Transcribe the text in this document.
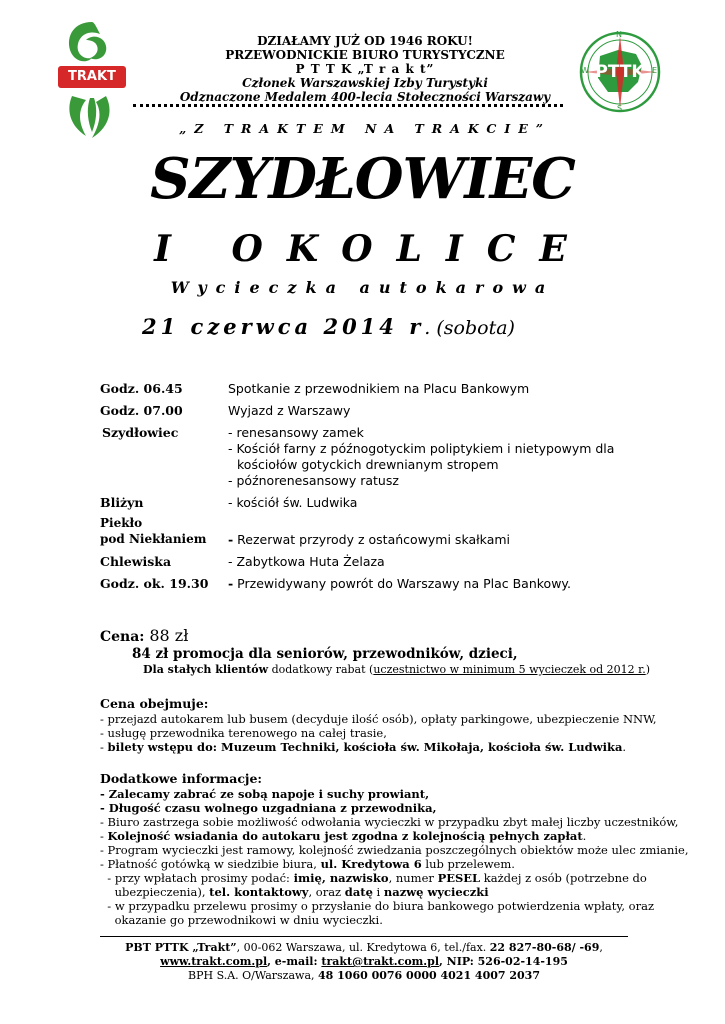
TRAKT	PTTK
N
E
S
W
DZIAŁAMY JUŻ OD 1946 ROKU!
PRZEWODNICKIE BIURO TURYSTYCZNE
P T T K „T r a k t”
Członek Warszawskiej Izby Turystyki
Odznaczone Medalem 400-lecia Stołeczności Warszawy
„Z TRAKTEM NA TRAKCIE”
SZYDŁOWIEC
I OKOLICE
Wycieczka autokarowa
21 czerwca 2014 r. (sobota)
Godz. 06.45	Spotkanie z przewodnikiem na Placu Bankowym
Godz. 07.00	Wyjazd z Warszawy
Szydłowiec	- renesansowy zamek
- Kościół farny z późnogotyckim poliptykiem i nietypowym dla
kościołów gotyckich drewnianym stropem
- późnorenesansowy ratusz
Bliżyn	- kościół św. Ludwika
Piekło
pod Niekłaniem - Rezerwat przyrody z ostańcowymi skałkami
Chlewiska	- Zabytkowa Huta Żelaza
Godz. ok. 19.30 - Przewidywany powrót do Warszawy na Plac Bankowy.
Cena: 88 zł
84 zł promocja dla seniorów, przewodników, dzieci,
Dla stałych klientów dodatkowy rabat (uczestnictwo w minimum 5 wycieczek od 2012 r.)
Cena obejmuje:
- przejazd autokarem lub busem (decyduje ilość osób), opłaty parkingowe, ubezpieczenie NNW,
- usługę przewodnika terenowego na całej trasie,
- bilety wstępu do: Muzeum Techniki, kościoła św. Mikołaja, kościoła św. Ludwika.
Dodatkowe informacje:
- Zalecamy zabrać ze sobą napoje i suchy prowiant,
- Długość czasu wolnego uzgadniana z przewodnika,
- Biuro zastrzega sobie możliwość odwołania wycieczki w przypadku zbyt małej liczby uczestników,
- Kolejność wsiadania do autokaru jest zgodna z kolejnością pełnych zapłat.
- Program wycieczki jest ramowy, kolejność zwiedzania poszczególnych obiektów może ulec zmianie,
- Płatność gotówką w siedzibie biura, ul. Kredytowa 6 lub przelewem.
- przy wpłatach prosimy podać: imię, nazwisko, numer PESEL każdej z osób (potrzebne do
ubezpieczenia), tel. kontaktowy, oraz datę i nazwę wycieczki
- w przypadku przelewu prosimy o przysłanie do biura bankowego potwierdzenia wpłaty, oraz
okazanie go przewodnikowi w dniu wycieczki.
PBT PTTK „Trakt”, 00-062 Warszawa, ul. Kredytowa 6, tel./fax. 22 827-80-68/ -69,
www.trakt.com.pl, e-mail: trakt@trakt.com.pl, NIP: 526-02-14-195
BPH S.A. O/Warszawa, 48 1060 0076 0000 4021 4007 2037
